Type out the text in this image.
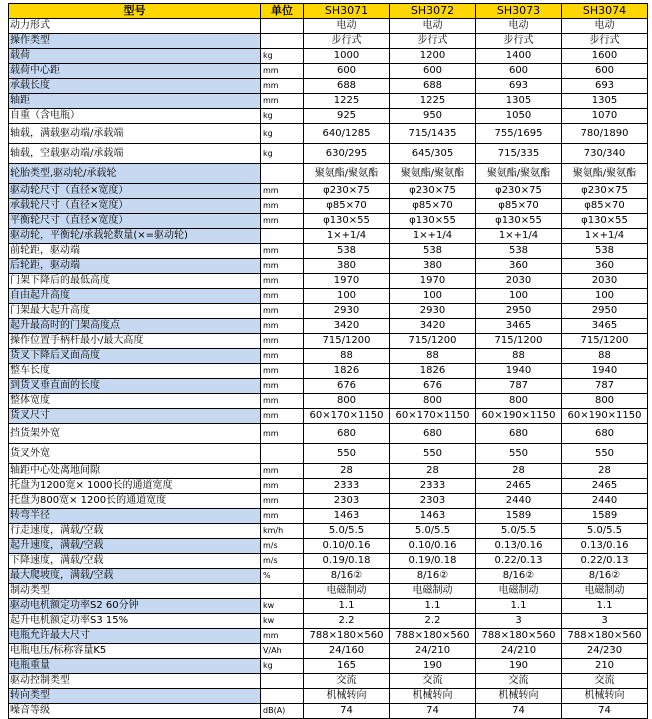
型号	单位	SH3071	SH3072	SH3073	SH3074
动力形式		电动	电动	电动	电动
操作类型		步行式	步行式	步行式	步行式
载荷	kg	1000	1200	1400	1600
载荷中心距	mm	600	600	600	600
承载长度	mm	688	688	693	693
轴距	mm	1225	1225	1305	1305
自重（含电瓶）	kg	925	950	1050	1070
轴载，满载驱动端/承载端	kg	640/1285	715/1435	755/1695	780/1890
轴载，空载驱动端/承载端	kg	630/295	645/305	715/335	730/340
轮胎类型,驱动轮/承载轮		聚氨酯/聚氨酯	聚氨酯/聚氨酯	聚氨酯/聚氨酯	聚氨酯/聚氨酯
驱动轮尺寸（直径×宽度）	mm	φ230×75	φ230×75	φ230×75	φ230×75
承载轮尺寸（直径×宽度）	mm	φ85×70	φ85×70	φ85×70	φ85×70
平衡轮尺寸（直径×宽度）	mm	φ130×55	φ130×55	φ130×55	φ130×55
驱动轮，平衡轮/承载轮数量(×=驱动轮)		1×+1/4	1×+1/4	1×+1/4	1×+1/4
前轮距，驱动端	mm	538	538	538	538
后轮距，驱动端	mm	380	380	360	360
门架下降后的最低高度	mm	1970	1970	2030	2030
自由起升高度	mm	100	100	100	100
门架最大起升高度	mm	2930	2930	2950	2950
起升最高时的门架高度点	mm	3420	3420	3465	3465
操作位置手柄杆最小/最大高度	mm	715/1200	715/1200	715/1200	715/1200
货叉下降后叉面高度	mm	88	88	88	88
整车长度	mm	1826	1826	1940	1940
到货叉垂直面的长度	mm	676	676	787	787
整体宽度	mm	800	800	800	800
货叉尺寸	mm	60×170×1150	60×170×1150	60×190×1150	60×190×1150
挡货架外宽	mm	680	680	680	680
货叉外宽		550	550	550	550
轴距中心处离地间隙	mm	28	28	28	28
托盘为1200宽× 1000长的通道宽度	mm	2333	2333	2465	2465
托盘为800宽× 1200长的通道宽度	mm	2303	2303	2440	2440
转弯半径	mm	1463	1463	1589	1589
行走速度，满载/空载	km/h	5.0/5.5	5.0/5.5	5.0/5.5	5.0/5.5
起升速度，满载/空载	m/s	0.10/0.16	0.10/0.16	0.13/0.16	0.13/0.16
下降速度，满载/空载	m/s	0.19/0.18	0.19/0.18	0.22/0.13	0.22/0.13
最大爬坡度，满载/空载	%	8/16②	8/16②	8/16②	8/16②
制动类型		电磁制动	电磁制动	电磁制动	电磁制动
驱动电机额定功率S2 60分钟	kw	1.1	1.1	1.1	1.1
起升电机额定功率S3 15%	kw	2.2	2.2	3	3
电瓶允许最大尺寸	mm	788×180×560	788×180×560	788×180×560	788×180×560
电瓶电压/标称容量K5	V/Ah	24/160	24/210	24/210	24/230
电瓶重量	kg	165	190	190	210
驱动控制类型		交流	交流	交流	交流
转向类型		机械转向	机械转向	机械转向	机械转向
噪音等级	dB(A)	74	74	74	74
